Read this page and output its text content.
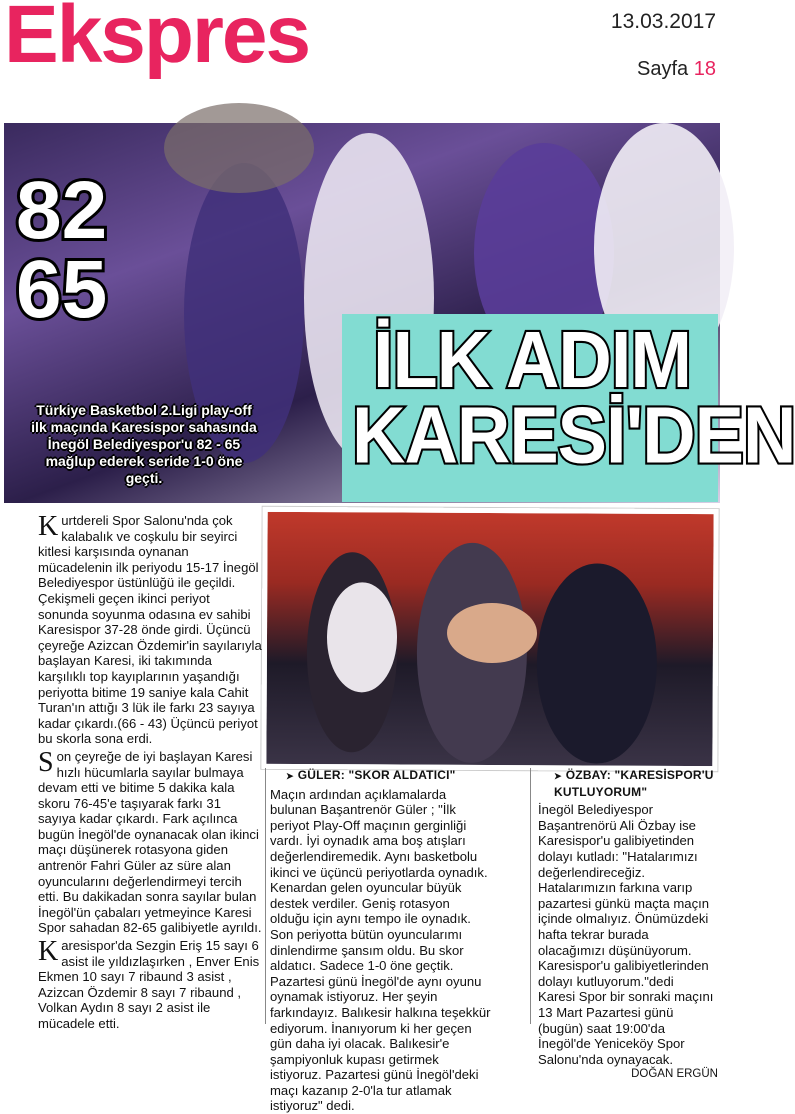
Ekspres	13.03.2017
Sayfa 18
82
65
İLK ADIM
KARESİ'DEN
Türkiye Basketbol 2.Ligi play-off ilk maçında Karesispor sahasında İnegöl Belediyespor'u 82 - 65 mağlup ederek seride 1-0 öne geçti.

Kurtdereli Spor Salonu'nda çok kalabalık ve coşkulu bir seyirci kitlesi karşısında oynanan mücadelenin ilk periyodu 15-17 İnegöl Belediyespor üstünlüğü ile geçildi. Çekişmeli geçen ikinci periyot sonunda soyunma odasına ev sahibi Karesispor 37-28 önde girdi. Üçüncü çeyreğe Azizcan Özdemir'in sayılarıyla başlayan Karesi, iki takımında karşılıklı top kayıplarının yaşandığı periyotta bitime 19 saniye kala Cahit Turan'ın attığı 3 lük ile farkı 23 sayıya kadar çıkardı.(66 - 43) Üçüncü periyot bu skorla sona erdi.

Son çeyreğe de iyi başlayan Karesi hızlı hücumlarla sayılar bulmaya devam etti ve bitime 5 dakika kala skoru 76-45'e taşıyarak farkı 31 sayıya kadar çıkardı. Fark açılınca bugün İnegöl'de oynanacak olan ikinci maçı düşünerek rotasyona giden antrenör Fahri Güler az süre alan oyuncularını değerlendirmeyi tercih etti. Bu dakikadan sonra sayılar bulan İnegöl'ün çabaları yetmeyince Karesi Spor sahadan 82-65 galibiyetle ayrıldı.

Karesispor'da Sezgin Eriş 15 sayı 6 asist ile yıldızlaşırken , Enver Enis Ekmen 10 sayı 7 ribaund 3 asist , Azizcan Özdemir 8 sayı 7 ribaund , Volkan Aydın 8 sayı 2 asist ile mücadele etti.

➤ GÜLER: "SKOR ALDATICI"
Maçın ardından açıklamalarda bulunan Başantrenör Güler ; "İlk periyot Play-Off maçının gerginliği vardı. İyi oynadık ama boş atışları değerlendiremedik. Aynı basketbolu ikinci ve üçüncü periyotlarda oynadık. Kenardan gelen oyuncular büyük destek verdiler. Geniş rotasyon olduğu için aynı tempo ile oynadık. Son periyotta bütün oyuncularımı dinlendirme şansım oldu. Bu skor aldatıcı. Sadece 1-0 öne geçtik. Pazartesi günü İnegöl'de aynı oyunu oynamak istiyoruz. Her şeyin farkındayız. Balıkesir halkına teşekkür ediyorum. İnanıyorum ki her geçen gün daha iyi olacak. Balıkesir'e şampiyonluk kupası getirmek istiyoruz. Pazartesi günü İnegöl'deki maçı kazanıp 2-0'la tur atlamak istiyoruz" dedi.
➤ ÖZBAY: "KARESİSPOR'U KUTLUYORUM"
İnegöl Belediyespor Başantrenörü Ali Özbay ise Karesispor'u galibiyetinden dolayı kutladı: "Hatalarımızı değerlendireceğiz. Hatalarımızın farkına varıp pazartesi günkü maçta maçın içinde olmalıyız. Önümüzdeki hafta tekrar burada olacağımızı düşünüyorum. Karesispor'u galibiyetlerinden dolayı kutluyorum."dedi
Karesi Spor bir sonraki maçını 13 Mart Pazartesi günü (bugün) saat 19:00'da İnegöl'de Yeniceköy Spor Salonu'nda oynayacak.
DOĞAN ERGÜN
